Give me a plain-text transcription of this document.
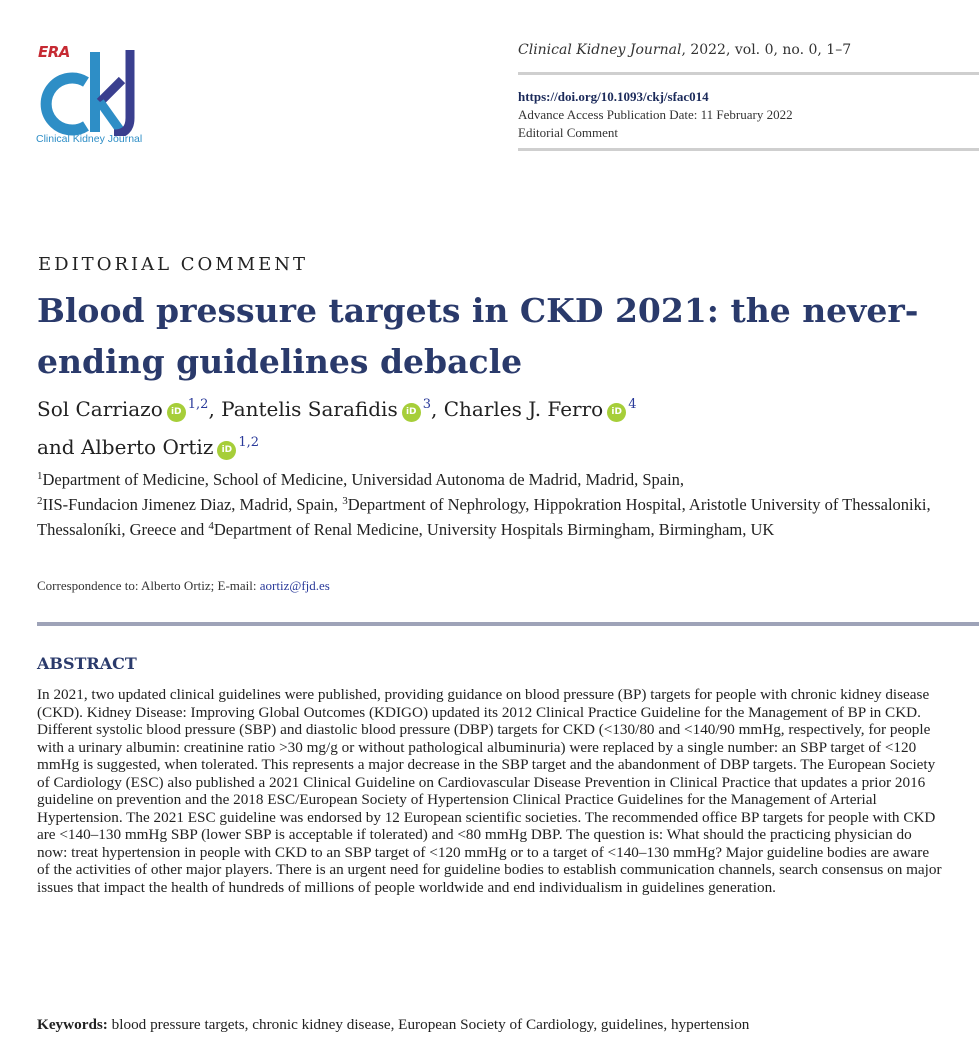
ERA
Clinical Kidney Journal

Clinical Kidney Journal, 2022, vol. 0, no. 0, 1–7

https://doi.org/10.1093/ckj/sfac014
Advance Access Publication Date: 11 February 2022
Editorial Comment
EDITORIAL COMMENT
Blood pressure targets in CKD 2021: the never-ending guidelines debacle
Sol Carriazo iD $^{1,2}$, Pantelis Sarafidis iD $^3$, Charles J. Ferro iD $^4$
and Alberto Ortiz iD $^{1,2}$
$^1$Department of Medicine, School of Medicine, Universidad Autonoma de Madrid, Madrid, Spain,
$^2$IIS-Fundacion Jimenez Diaz, Madrid, Spain, $^3$Department of Nephrology, Hippokration Hospital, Aristotle University of Thessaloniki, Thessaloníki, Greece and $^4$Department of Renal Medicine, University Hospitals Birmingham, Birmingham, UK
Correspondence to: Alberto Ortiz; E-mail: aortiz@fjd.es
ABSTRACT

In 2021, two updated clinical guidelines were published, providing guidance on blood pressure (BP) targets for people with chronic kidney disease (CKD). Kidney Disease: Improving Global Outcomes (KDIGO) updated its 2012 Clinical Practice Guideline for the Management of BP in CKD. Different systolic blood pressure (SBP) and diastolic blood pressure (DBP) targets for CKD (<130/80 and <140/90 mmHg, respectively, for people with a urinary albumin: creatinine ratio >30 mg/g or without pathological albuminuria) were replaced by a single number: an SBP target of <120 mmHg is suggested, when tolerated. This represents a major decrease in the SBP target and the abandonment of DBP targets. The European Society of Cardiology (ESC) also published a 2021 Clinical Guideline on Cardiovascular Disease Prevention in Clinical Practice that updates a prior 2016 guideline on prevention and the 2018 ESC/European Society of Hypertension Clinical Practice Guidelines for the Management of Arterial Hypertension. The 2021 ESC guideline was endorsed by 12 European scientific societies. The recommended office BP targets for people with CKD are <140–130 mmHg SBP (lower SBP is acceptable if tolerated) and <80 mmHg DBP. The question is: What should the practicing physician do now: treat hypertension in people with CKD to an SBP target of <120 mmHg or to a target of <140–130 mmHg? Major guideline bodies are aware of the activities of other major players. There is an urgent need for guideline bodies to establish communication channels, search consensus on major issues that impact the health of hundreds of millions of people worldwide and end individualism in guidelines generation.

Keywords: blood pressure targets, chronic kidney disease, European Society of Cardiology, guidelines, hypertension
